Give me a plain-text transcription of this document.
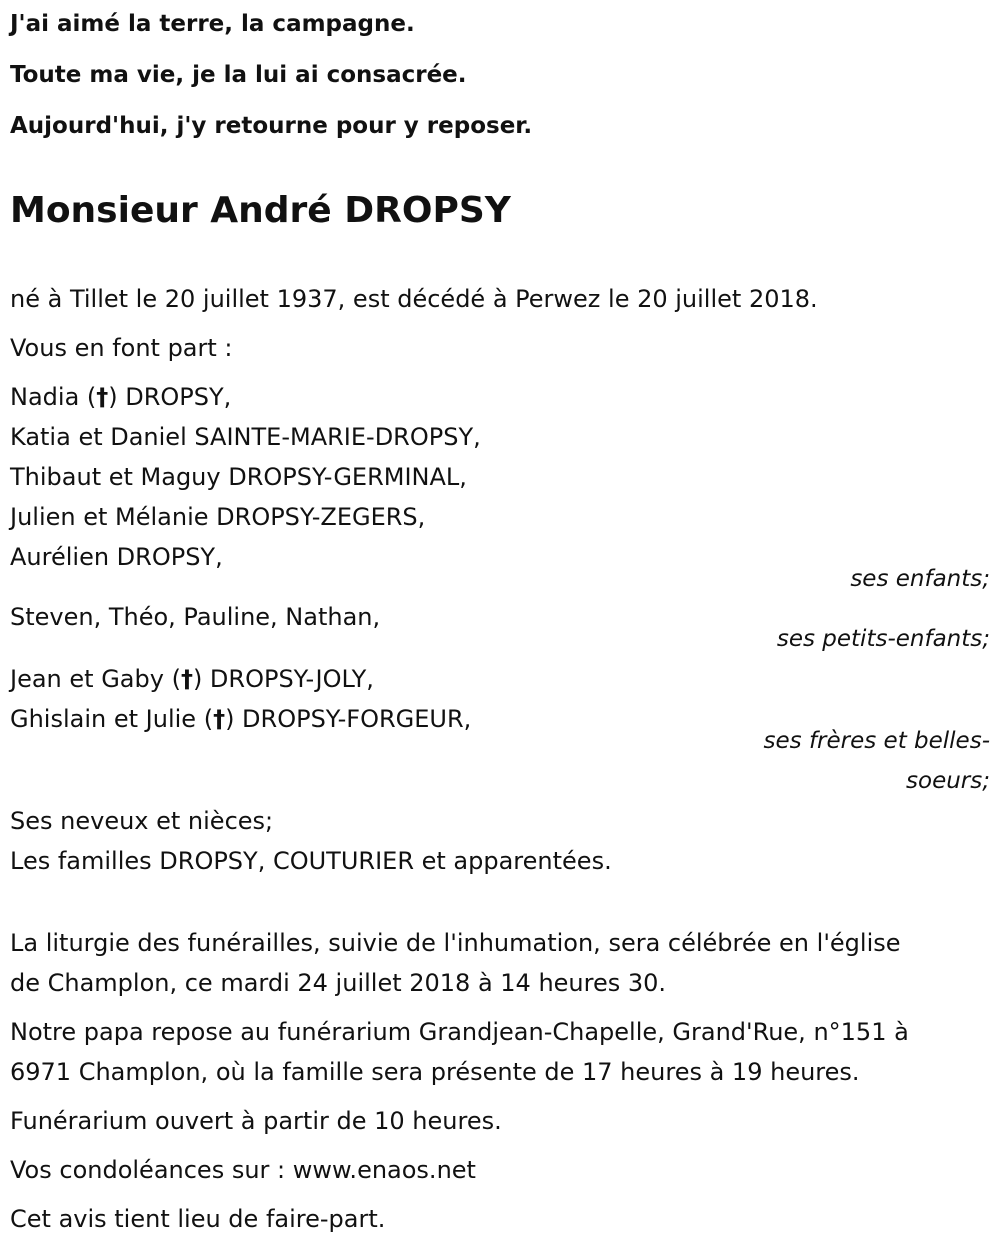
J'ai aimé la terre, la campagne.

Toute ma vie, je la lui ai consacrée.

Aujourd'hui, j'y retourne pour y reposer.

Monsieur André DROPSY

né à Tillet le 20 juillet 1937, est décédé à Perwez le 20 juillet 2018.

Vous en font part :

Nadia (†) DROPSY,

Katia et Daniel SAINTE-MARIE-DROPSY,

Thibaut et Maguy DROPSY-GERMINAL,

Julien et Mélanie DROPSY-ZEGERS,

Aurélien DROPSY,

ses enfants;

Steven, Théo, Pauline, Nathan,

ses petits-enfants;

Jean et Gaby (†) DROPSY-JOLY,

Ghislain et Julie (†) DROPSY-FORGEUR,

ses frères et belles-
soeurs;

Ses neveux et nièces;

Les familles DROPSY, COUTURIER et apparentées.

La liturgie des funérailles, suivie de l'inhumation, sera célébrée en l'église

de Champlon, ce mardi 24 juillet 2018 à 14 heures 30.

Notre papa repose au funérarium Grandjean-Chapelle, Grand'Rue, n°151 à

6971 Champlon, où la famille sera présente de 17 heures à 19 heures.

Funérarium ouvert à partir de 10 heures.

Vos condoléances sur : www.enaos.net

Cet avis tient lieu de faire-part.
